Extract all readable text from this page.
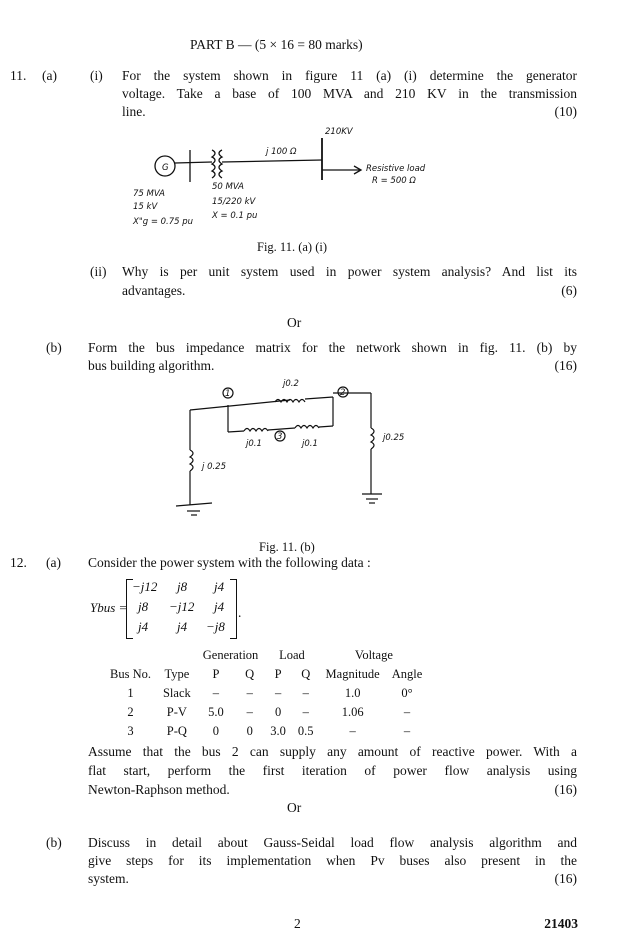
PART B — (5 × 16 = 80 marks)
11. (a) (i) For the system shown in figure 11 (a) (i) determine the generator
voltage. Take a base of 100 MVA and 210 KV in the transmission
line.	(10)
G
210KV
j 100 Ω
Resistive load
R = 500 Ω
75 MVA
15 kV
X"g = 0.75 pu
50 MVA
15/220 kV
X = 0.1 pu
1	2
3
j0.2
j0.1	j0.1
j 0.25
j0.25
Fig. 11. (a) (i)
(ii) Why is per unit system used in power system analysis? And list its
advantages.	(6)
Or
(b) Form the bus impedance matrix for the network shown in fig. 11. (b) by
bus building algorithm.	(16)
Fig. 11. (b)
12. (a) Consider the power system with the following data :
Ybus =	.
−j12 j8 j4
j8 −j12 j4
j4 j4 −j8
		Generation		Load		Voltage	
Bus No.	Type	P	Q	P	Q	Magnitude	Angle
1	Slack	–	–	–	–	1.0	0°
2	P-V	5.0	–	0	–	1.06	–
3	P-Q	0	0	3.0	0.5	–	–
Assume that the bus 2 can supply any amount of reactive power. With a
flat start, perform the first iteration of power flow analysis using
Newton-Raphson method.	(16)
Or
(b) Discuss in detail about Gauss-Seidal load flow analysis algorithm and
give steps for its implementation when Pv buses also present in the
system.	(16)
2	21403
